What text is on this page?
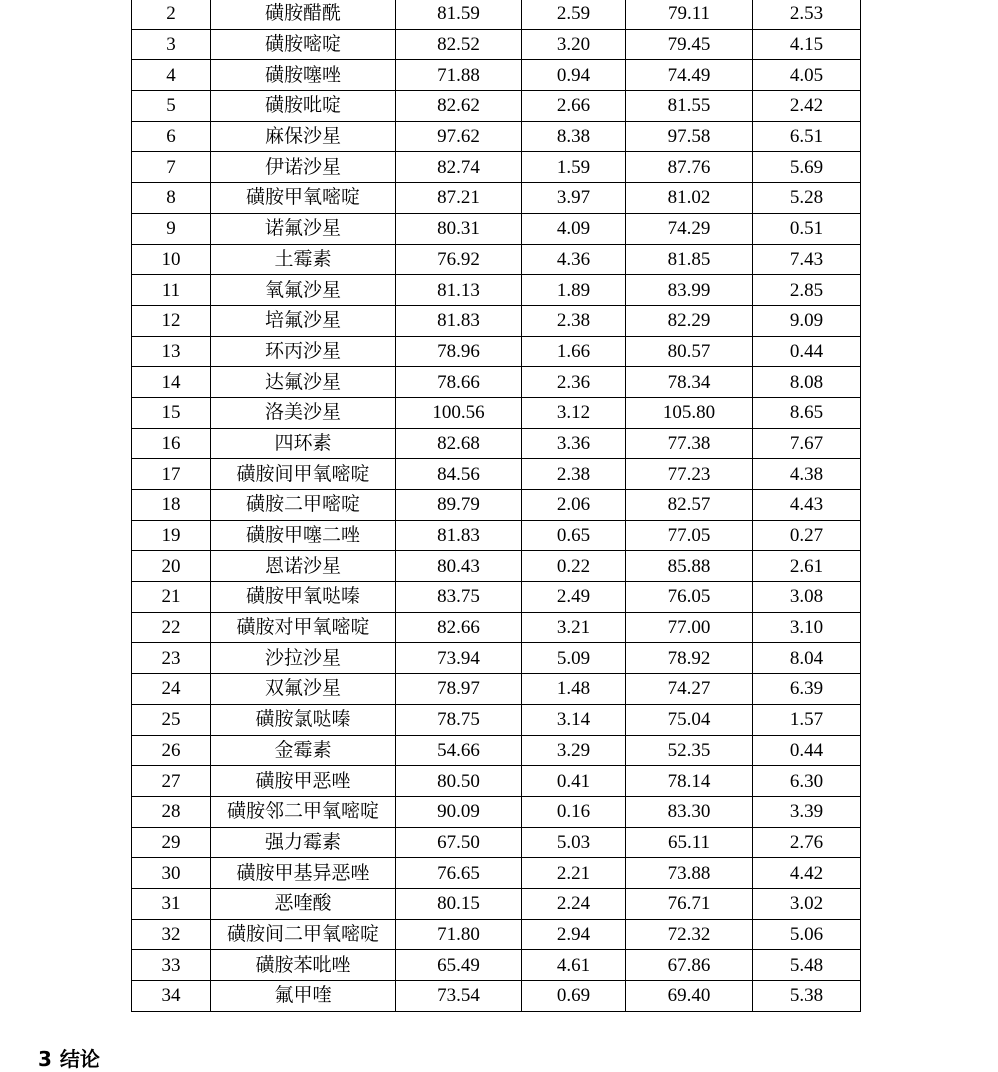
2	磺胺醋酰	81.59	2.59	79.11	2.53
3	磺胺嘧啶	82.52	3.20	79.45	4.15
4	磺胺噻唑	71.88	0.94	74.49	4.05
5	磺胺吡啶	82.62	2.66	81.55	2.42
6	麻保沙星	97.62	8.38	97.58	6.51
7	伊诺沙星	82.74	1.59	87.76	5.69
8	磺胺甲氧嘧啶	87.21	3.97	81.02	5.28
9	诺氟沙星	80.31	4.09	74.29	0.51
10	土霉素	76.92	4.36	81.85	7.43
11	氧氟沙星	81.13	1.89	83.99	2.85
12	培氟沙星	81.83	2.38	82.29	9.09
13	环丙沙星	78.96	1.66	80.57	0.44
14	达氟沙星	78.66	2.36	78.34	8.08
15	洛美沙星	100.56	3.12	105.80	8.65
16	四环素	82.68	3.36	77.38	7.67
17	磺胺间甲氧嘧啶	84.56	2.38	77.23	4.38
18	磺胺二甲嘧啶	89.79	2.06	82.57	4.43
19	磺胺甲噻二唑	81.83	0.65	77.05	0.27
20	恩诺沙星	80.43	0.22	85.88	2.61
21	磺胺甲氧哒嗪	83.75	2.49	76.05	3.08
22	磺胺对甲氧嘧啶	82.66	3.21	77.00	3.10
23	沙拉沙星	73.94	5.09	78.92	8.04
24	双氟沙星	78.97	1.48	74.27	6.39
25	磺胺氯哒嗪	78.75	3.14	75.04	1.57
26	金霉素	54.66	3.29	52.35	0.44
27	磺胺甲恶唑	80.50	0.41	78.14	6.30
28	磺胺邻二甲氧嘧啶	90.09	0.16	83.30	3.39
29	强力霉素	67.50	5.03	65.11	2.76
30	磺胺甲基异恶唑	76.65	2.21	73.88	4.42
31	恶喹酸	80.15	2.24	76.71	3.02
32	磺胺间二甲氧嘧啶	71.80	2.94	72.32	5.06
33	磺胺苯吡唑	65.49	4.61	67.86	5.48
34	氟甲喹	73.54	0.69	69.40	5.38
3 结论
